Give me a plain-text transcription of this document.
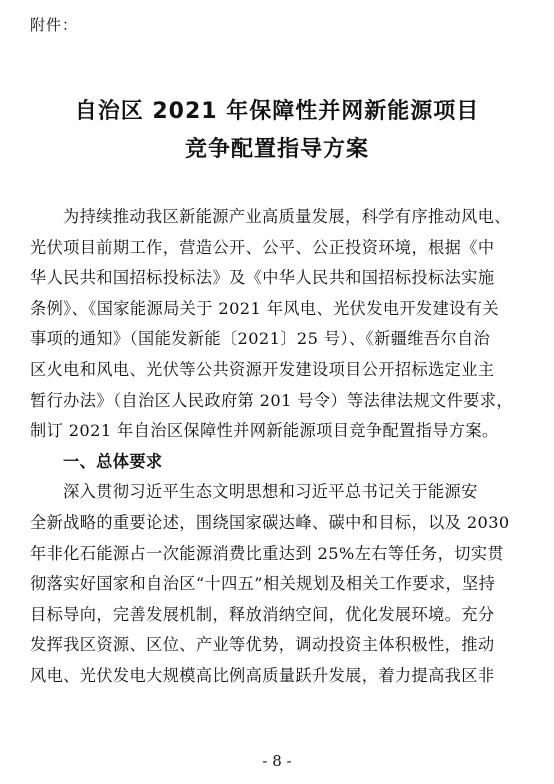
附件：
自治区 2021 年保障性并网新能源项目
竞争配置指导方案
为持续推动我区新能源产业高质量发展，科学有序推动风电、
光伏项目前期工作，营造公开、公平、公正投资环境，根据《中
华人民共和国招标投标法》及《中华人民共和国招标投标法实施
条例》、《国家能源局关于 2021 年风电、光伏发电开发建设有关
事项的通知》（国能发新能〔2021〕25 号）、《新疆维吾尔自治
区火电和风电、光伏等公共资源开发建设项目公开招标选定业主
暂行办法》（自治区人民政府第 201 号令）等法律法规文件要求，
制订 2021 年自治区保障性并网新能源项目竞争配置指导方案。
一、总体要求
深入贯彻习近平生态文明思想和习近平总书记关于能源安
全新战略的重要论述，围绕国家碳达峰、碳中和目标，以及 2030
年非化石能源占一次能源消费比重达到 25%左右等任务，切实贯
彻落实好国家和自治区“十四五”相关规划及相关工作要求，坚持
目标导向，完善发展机制，释放消纳空间，优化发展环境。充分
发挥我区资源、区位、产业等优势，调动投资主体积极性，推动
风电、光伏发电大规模高比例高质量跃升发展，着力提高我区非
- 8 -
